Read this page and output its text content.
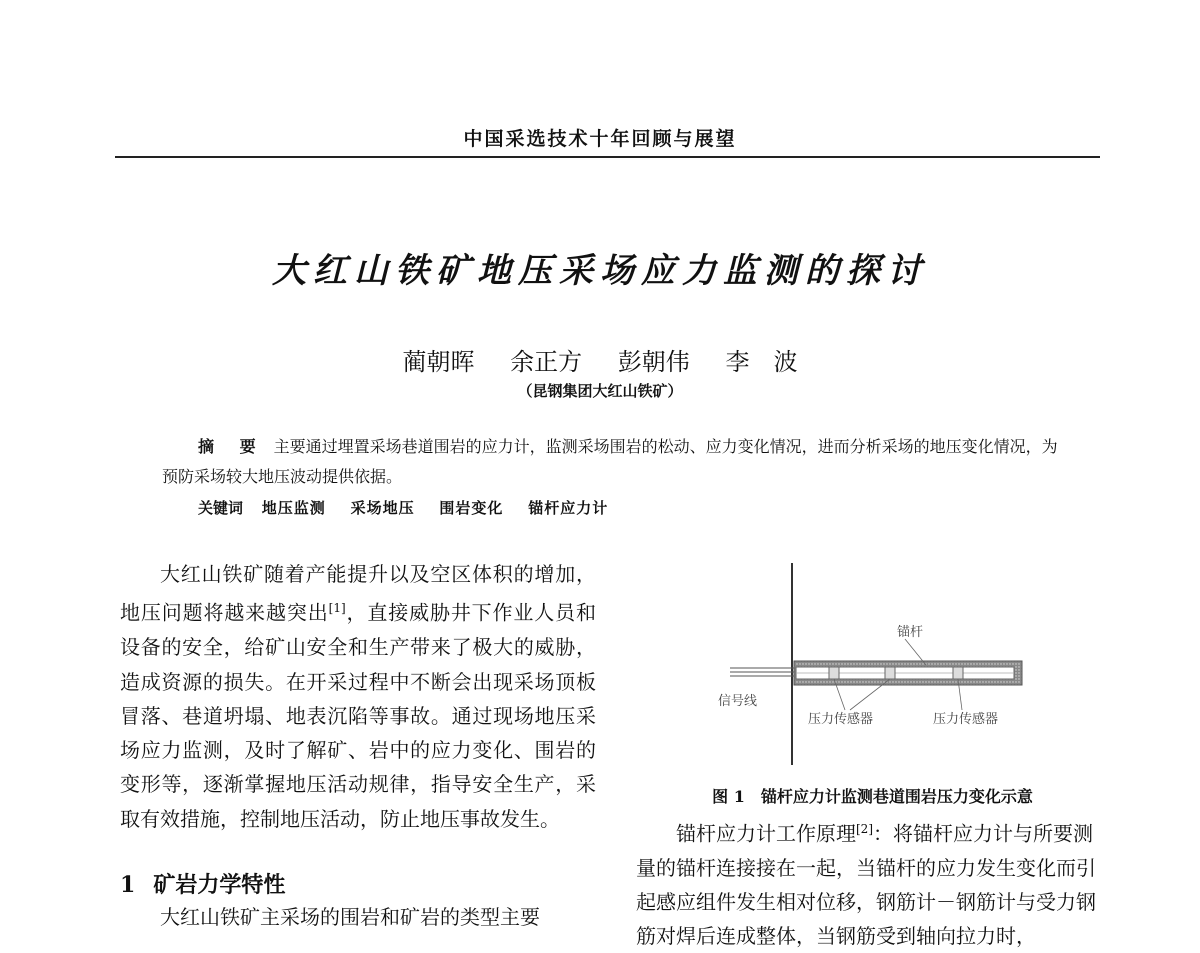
中国采选技术十年回顾与展望
大红山铁矿地压采场应力监测的探讨
蔺朝晖 余正方 彭朝伟 李　波
（昆钢集团大红山铁矿）
摘 要 主要通过埋置采场巷道围岩的应力计，监测采场围岩的松动、应力变化情况，进而分析采场的地压变化情况，为预防采场较大地压波动提供依据。
关键词 地压监测 采场地压 围岩变化 锚杆应力计

大红山铁矿随着产能提升以及空区体积的增加，地压问题将越来越突出[1]，直接威胁井下作业人员和设备的安全，给矿山安全和生产带来了极大的威胁，造成资源的损失。在开采过程中不断会出现采场顶板冒落、巷道坍塌、地表沉陷等事故。通过现场地压采场应力监测，及时了解矿、岩中的应力变化、围岩的变形等，逐渐掌握地压活动规律，指导安全生产，采取有效措施，控制地压活动，防止地压事故发生。

1 矿岩力学特性

大红山铁矿主采场的围岩和矿岩的类型主要

锚杆
信号线
压力传感器	压力传感器
图 1　锚杆应力计监测巷道围岩压力变化示意

锚杆应力计工作原理[2]：将锚杆应力计与所要测量的锚杆连接接在一起，当锚杆的应力发生变化而引起感应组件发生相对位移，钢筋计－钢筋计与受力钢筋对焊后连成整体，当钢筋受到轴向拉力时，
